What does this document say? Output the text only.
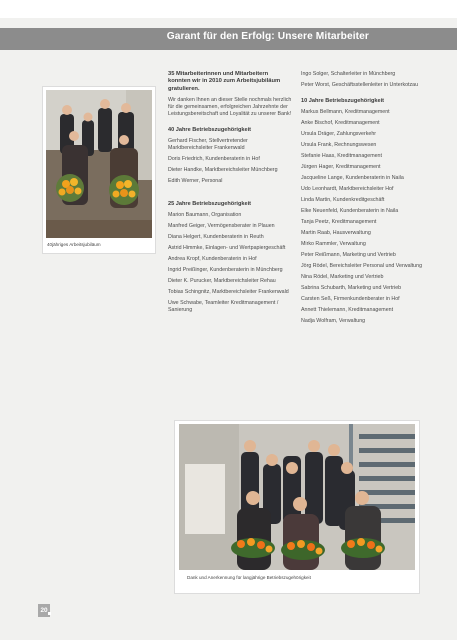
Garant für den Erfolg: Unsere Mitarbeiter
40jähriges Arbeitsjubiläum

35 Mitarbeiterinnen und Mitarbeitern konnten wir in 2010 zum Arbeitsjubiläum gratulieren.

Wir danken Ihnen an dieser Stelle nochmals herzlich für die gemeinsamen, erfolgreichen Jahrzehnte der Leistungsbereitschaft und Loyalität zu unserer Bank!

40 Jahre Betriebszugehörigkeit

Gerhard Fischer, Stellvertretender Marktbereichsleiter Frankenwald

Doris Friedrich, Kundenberaterin in Hof

Dieter Handke, Marktbereichsleiter Münchberg

Edith Werner, Personal

25 Jahre Betriebszugehörigkeit

Marion Baumann, Organisation

Manfred Geiger, Vermögensberater in Plauen

Diana Helgert, Kundenberaterin in Reuth

Astrid Himmke, Einlagen- und Wertpapiergeschäft

Andrea Kropf, Kundenberaterin in Hof

Ingrid Preißinger, Kundenberaterin in Münchberg

Dieter K. Purucker, Marktbereichsleiter Rehau

Tobias Schingnitz, Marktbereichsleiter Frankenwald

Uwe Schwabe, Teamleiter Kreditmanagement / Sanierung

Ingo Solger, Schalterleiter in Münchberg

Peter Worst, Geschäftsstellenleiter in Unterkotzau

10 Jahre Betriebszugehörigkeit

Markus Bellmann, Kreditmanagement

Anke Bischof, Kreditmanagement

Ursula Dräger, Zahlungsverkehr

Ursula Frank, Rechnungswesen

Stefanie Haas, Kreditmanagement

Jürgen Hager, Kreditmanagement

Jacqueline Lange, Kundenberaterin in Naila

Udo Leonhardt, Marktbereichsleiter Hof

Linda Martin, Kundenkreditgeschäft

Elke Neuenfeld, Kundenberaterin in Naila

Tanja Peetz, Kreditmanagement

Martin Raab, Hausverwaltung

Mirko Rammler, Verwaltung

Peter Reißmann, Marketing und Vertrieb

Jörg Rödel, Bereichsleiter Personal und Verwaltung

Nina Rödel, Marketing und Vertrieb

Sabrina Schubarth, Marketing und Vertrieb

Carsten Seß, Firmenkundenberater in Hof

Annett Thielemann, Kreditmanagement

Nadja Wolfram, Verwaltung

Dank und Anerkennung für langjährige Betriebszugehörigkeit
20
